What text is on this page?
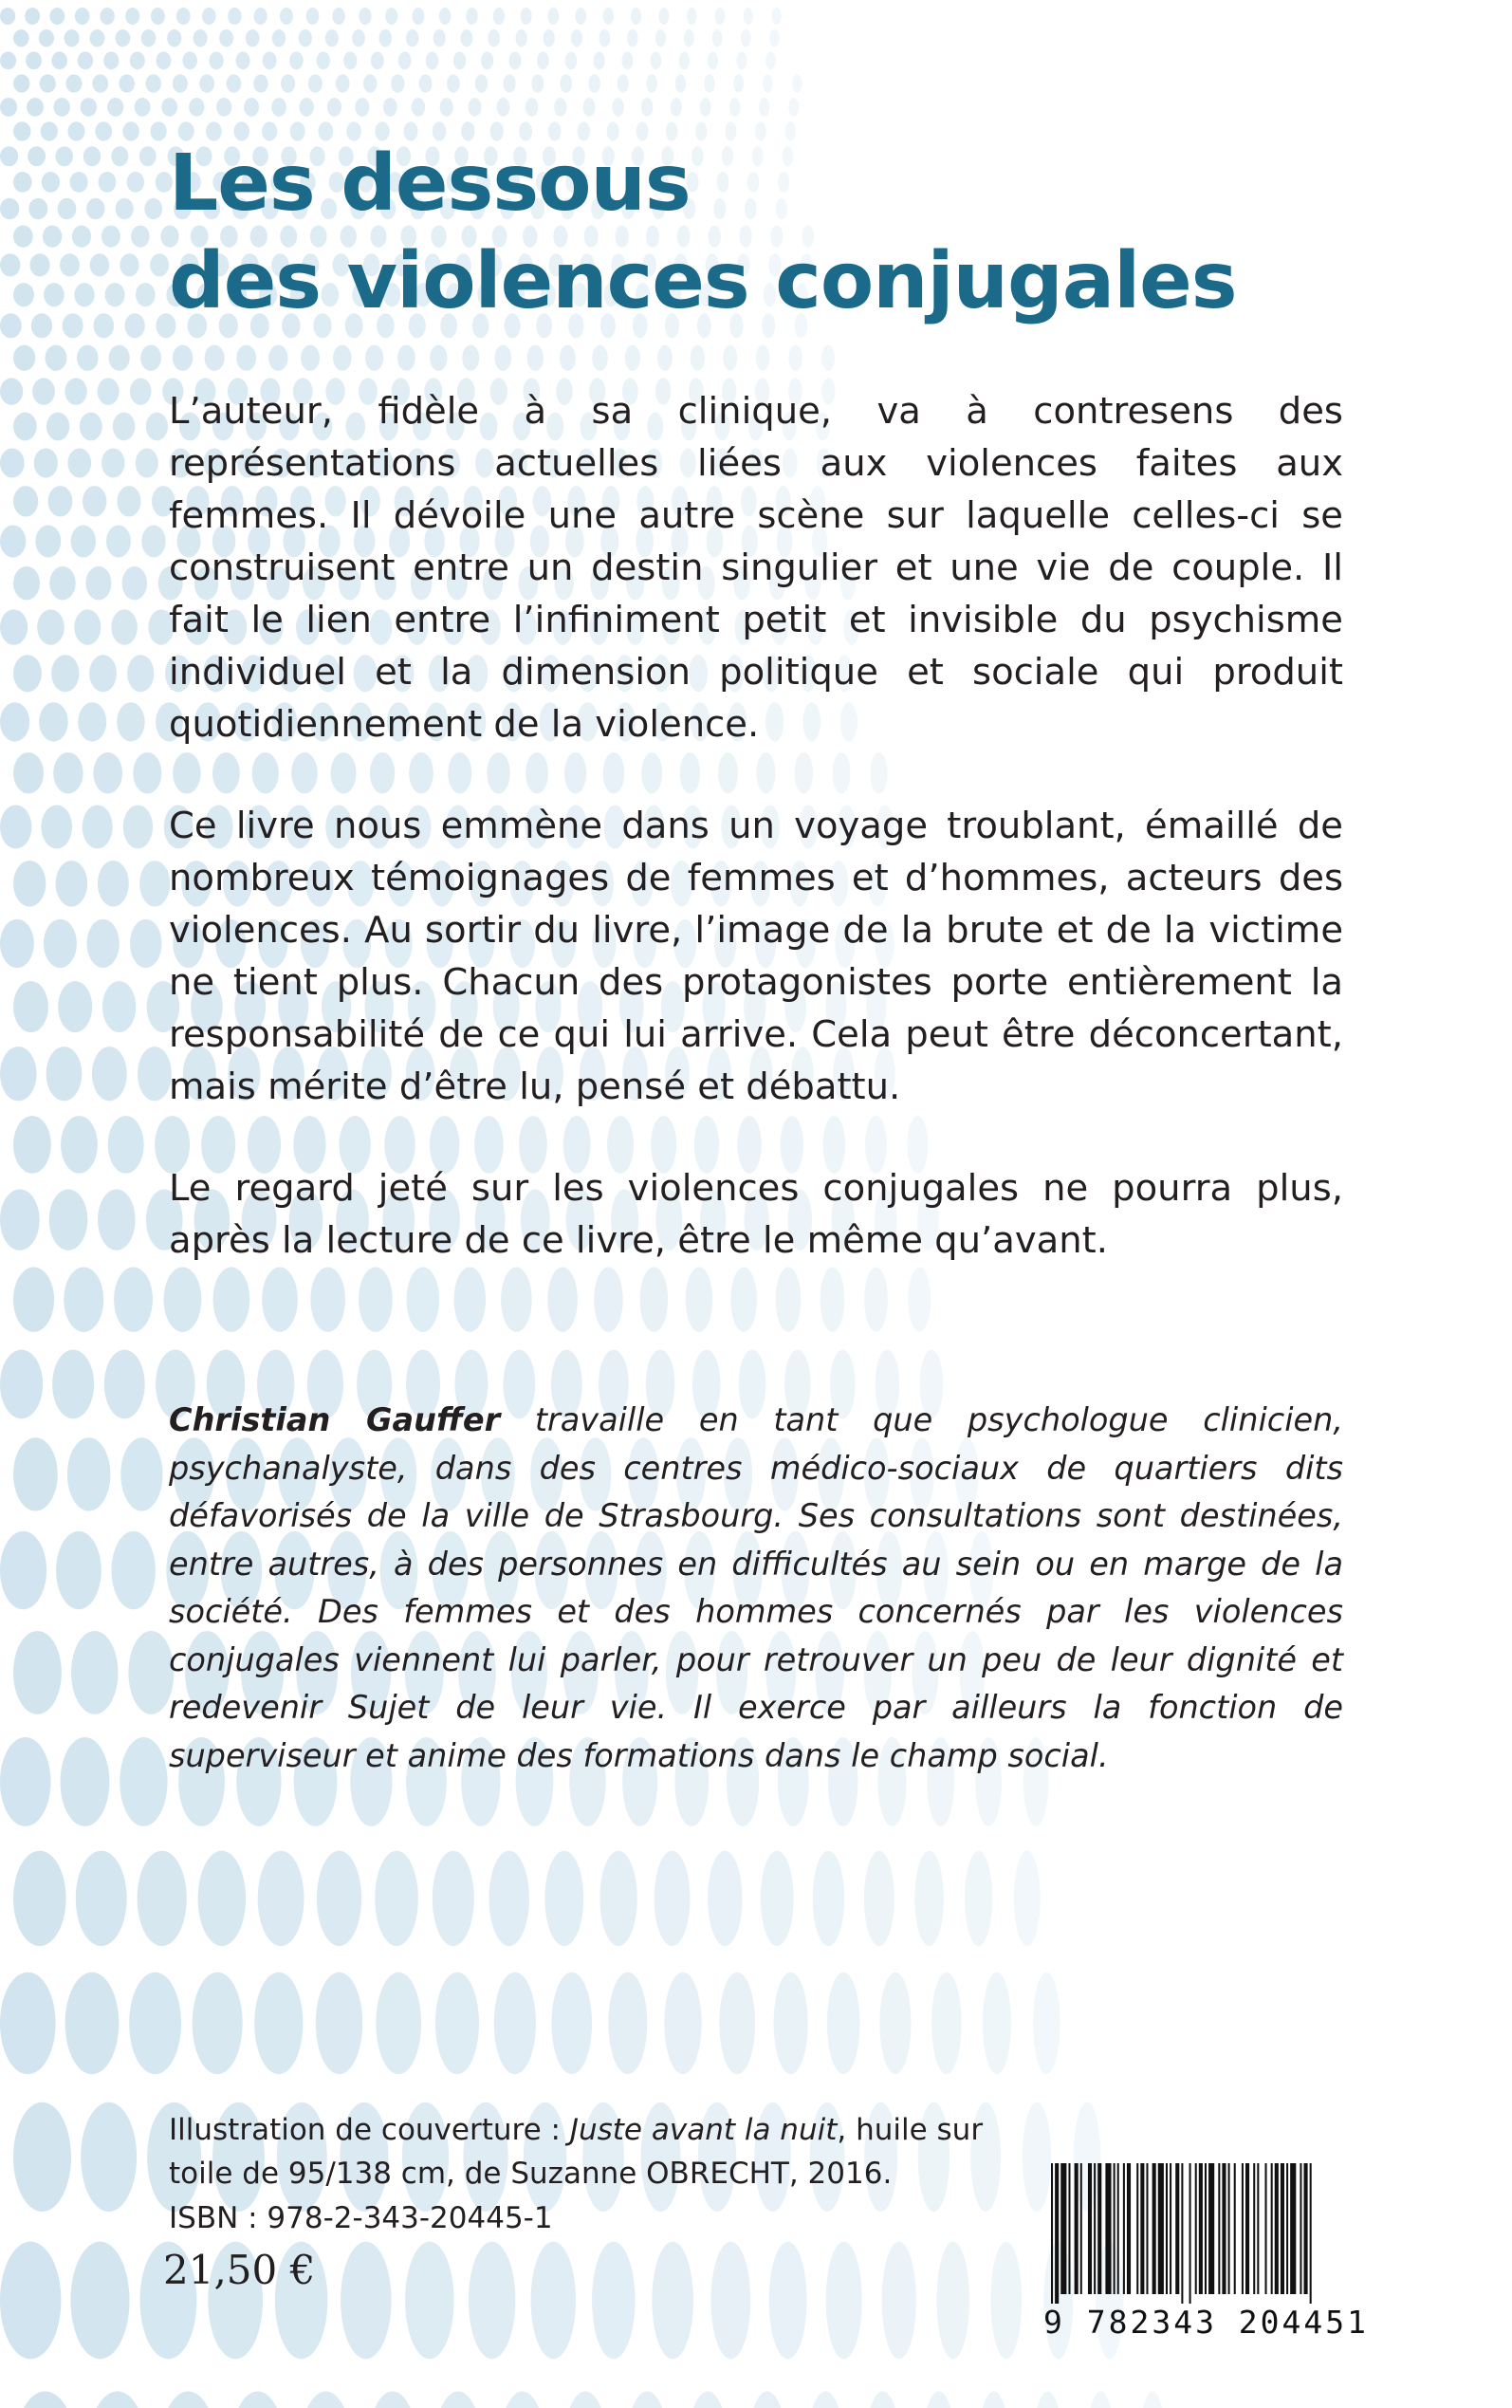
Les dessous
des violences conjugales

L’auteur, fidèle à sa clinique, va à contresens des représentations actuelles liées aux violences faites aux femmes. Il dévoile une autre scène sur laquelle celles-ci se construisent entre un destin singulier et une vie de couple. Il fait le lien entre l’infiniment petit et invisible du psychisme individuel et la dimension politique et sociale qui produit quotidiennement de la violence.

Ce livre nous emmène dans un voyage troublant, émaillé de nombreux témoignages de femmes et d’hommes, acteurs des violences. Au sortir du livre, l’image de la brute et de la victime ne tient plus. Chacun des protagonistes porte entièrement la responsabilité de ce qui lui arrive. Cela peut être déconcertant, mais mérite d’être lu, pensé et débattu.

Le regard jeté sur les violences conjugales ne pourra plus, après la lecture de ce livre, être le même qu’avant.

Christian Gauffer travaille en tant que psychologue clinicien, psychanalyste, dans des centres médico-sociaux de quartiers dits défavorisés de la ville de Strasbourg. Ses consultations sont destinées, entre autres, à des personnes en difficultés au sein ou en marge de la société. Des femmes et des hommes concernés par les violences conjugales viennent lui parler, pour retrouver un peu de leur dignité et redevenir Sujet de leur vie. Il exerce par ailleurs la fonction de superviseur et anime des formations dans le champ social.

Illustration de couverture : Juste avant la nuit, huile sur toile de 95/138 cm, de Suzanne OBRECHT, 2016.

ISBN : 978-2-343-20445-1

21,50 €

9 782343 204451
